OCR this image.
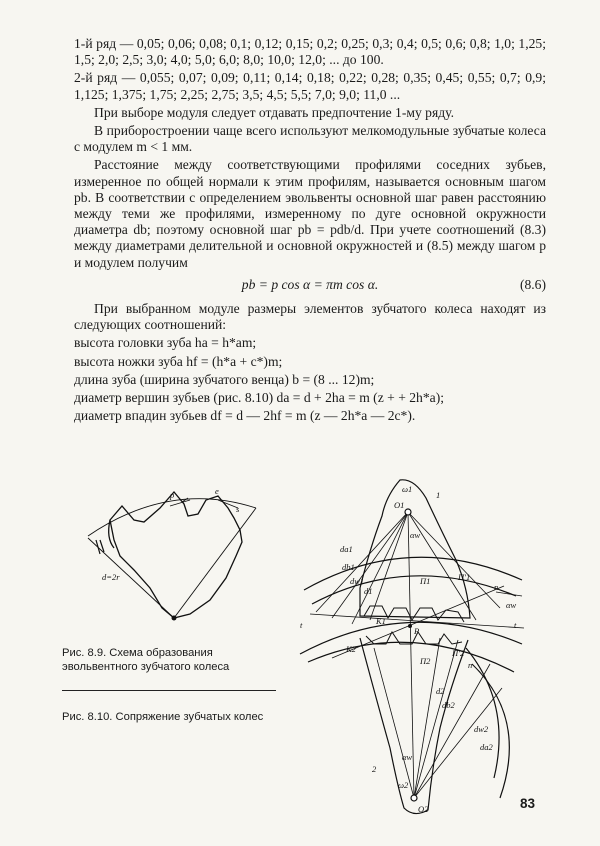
1-й ряд — 0,05; 0,06; 0,08; 0,1; 0,12; 0,15; 0,2; 0,25; 0,3; 0,4; 0,5; 0,6; 0,8; 1,0; 1,25; 1,5; 2,0; 2,5; 3,0; 4,0; 5,0; 6,0; 8,0; 10,0; 12,0; ... до 100.

2-й ряд — 0,055; 0,07; 0,09; 0,11; 0,14; 0,18; 0,22; 0,28; 0,35; 0,45; 0,55; 0,7; 0,9; 1,125; 1,375; 1,75; 2,25; 2,75; 3,5; 4,5; 5,5; 7,0; 9,0; 11,0 ...

При выборе модуля следует отдавать предпочтение 1-му ряду.

В приборостроении чаще всего используют мелкомодульные зубчатые колеса с модулем m < 1 мм.

Расстояние между соответствующими профилями соседних зубьев, измеренное по общей нормали к этим профилям, называется основным шагом pb. В соответствии с определением эвольвенты основной шаг равен расстоянию между теми же профилями, измеренному по дуге основной окружности диаметра db; поэтому основной шаг pb = pdb/d. При учете соотношений (8.3) между диаметрами делительной и основной окружностей и (8.5) между шагом p и модулем получим

pb = p cos α = πm cos α.	(8.6)

При выбранном модуле размеры элементов зубчатого колеса находят из следующих соотношений:

высота головки зуба ha = h*am;

высота ножки зуба hf = (h*a + c*)m;

длина зуба (ширина зубчатого венца) b = (8 ... 12)m;

диаметр вершин зубьев (рис. 8.10) da = d + 2ha = m (z + + 2h*a);

диаметр впадин зубьев df = d — 2hf = m (z — 2h*a — 2c*).

p	e
s
d=2r
Рис. 8.9. Схема образования эвольвентного зубчатого колеса
Рис. 8.10. Сопряжение зубчатых колес
ω1
O1
1
αw
da1
db1
dw1
d1
Π1	Π'1
n
αw
t
t	K1
P
K2
Π2
Π'2
n
d2
db2
dw2
da2
αw
2
ω2
O2	83
